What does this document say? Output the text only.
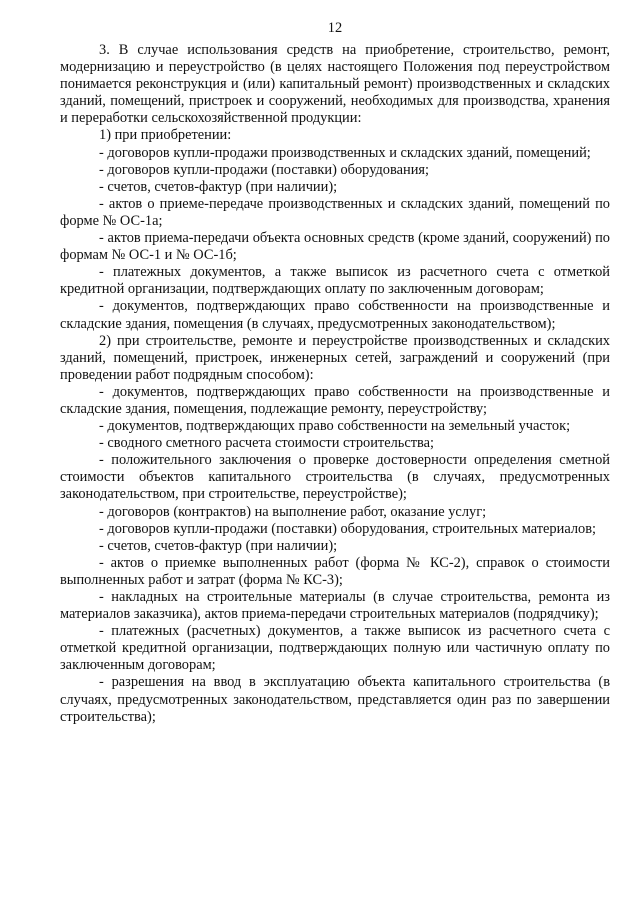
12

3. В случае использования средств на приобретение, строительство, ремонт, модернизацию и переустройство (в целях настоящего Положения под переустройством понимается реконструкция и (или) капитальный ремонт) производственных и складских зданий, помещений, пристроек и сооружений, необходимых для производства, хранения и переработки сельскохозяйственной продукции:

1) при приобретении:

- договоров купли-продажи производственных и складских зданий, помещений;

- договоров купли-продажи (поставки) оборудования;

- счетов, счетов-фактур (при наличии);

- актов о приеме-передаче производственных и складских зданий, помещений по форме № ОС-1а;

- актов приема-передачи объекта основных средств (кроме зданий, сооружений) по формам № ОС-1 и № ОС-1б;

- платежных документов, а также выписок из расчетного счета с отметкой кредитной организации, подтверждающих оплату по заключенным договорам;

- документов, подтверждающих право собственности на производственные и складские здания, помещения (в случаях, предусмотренных законодательством);

2) при строительстве, ремонте и переустройстве производственных и складских зданий, помещений, пристроек, инженерных сетей, заграждений и сооружений (при проведении работ подрядным способом):

- документов, подтверждающих право собственности на производственные и складские здания, помещения, подлежащие ремонту, переустройству;

- документов, подтверждающих право собственности на земельный участок;

- сводного сметного расчета стоимости строительства;

- положительного заключения о проверке достоверности определения сметной стоимости объектов капитального строительства (в случаях, предусмотренных законодательством, при строительстве, переустройстве);

- договоров (контрактов) на выполнение работ, оказание услуг;

- договоров купли-продажи (поставки) оборудования, строительных материалов;

- счетов, счетов-фактур (при наличии);

- актов о приемке выполненных работ (форма № КС-2), справок о стоимости выполненных работ и затрат (форма № КС-3);

- накладных на строительные материалы (в случае строительства, ремонта из материалов заказчика), актов приема-передачи строительных материалов (подрядчику);

- платежных (расчетных) документов, а также выписок из расчетного счета с отметкой кредитной организации, подтверждающих полную или частичную оплату по заключенным договорам;

- разрешения на ввод в эксплуатацию объекта капитального строительства (в случаях, предусмотренных законодательством, представляется один раз по завершении строительства);
